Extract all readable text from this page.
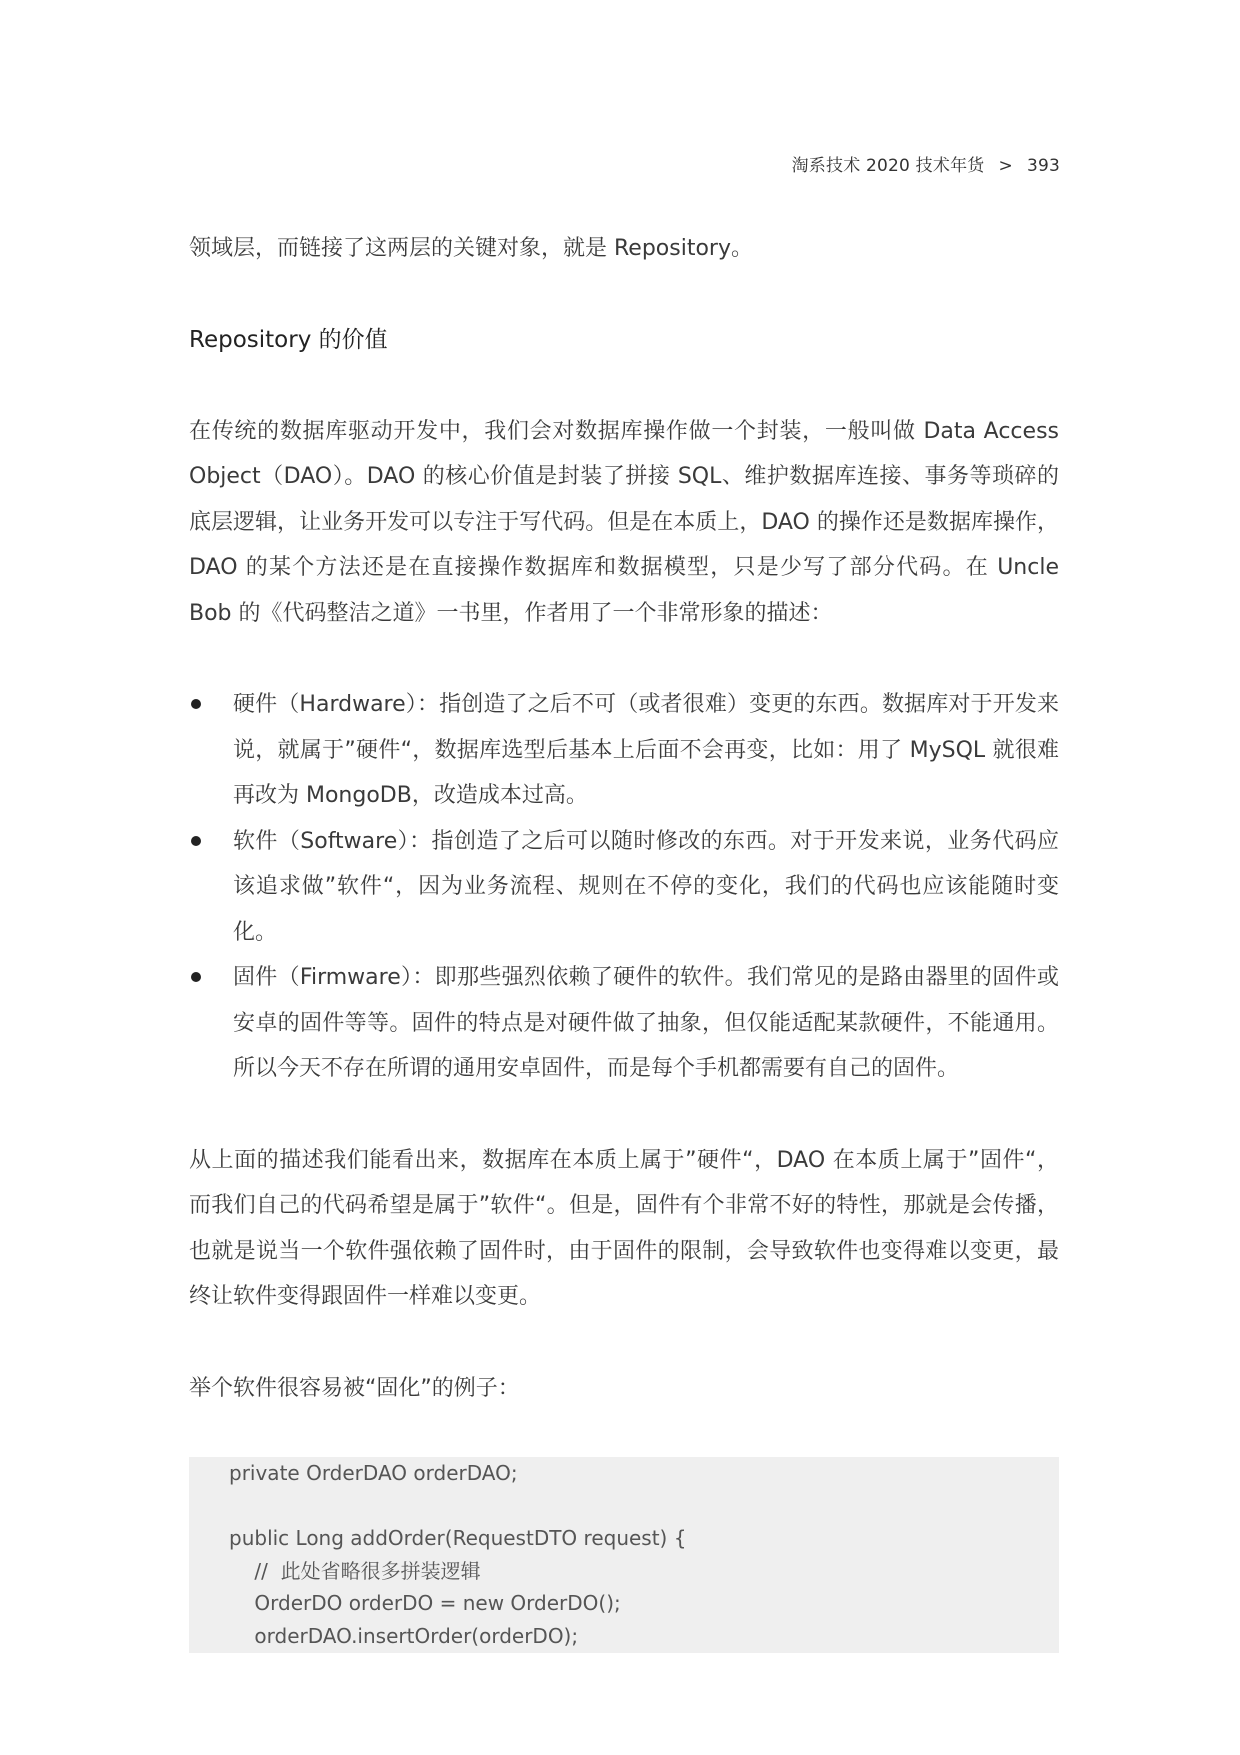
淘系技术 2020 技术年货 > 393

领域层，而链接了这两层的关键对象，就是 Repository。

Repository 的价值

在传统的数据库驱动开发中，我们会对数据库操作做一个封装，一般叫做 Data Access Object（DAO）。DAO 的核心价值是封装了拼接 SQL、维护数据库连接、事务等琐碎的底层逻辑，让业务开发可以专注于写代码。但是在本质上，DAO 的操作还是数据库操作，DAO 的某个方法还是在直接操作数据库和数据模型，只是少写了部分代码。在 Uncle Bob 的《代码整洁之道》一书里，作者用了一个非常形象的描述：

硬件（Hardware）：指创造了之后不可（或者很难）变更的东西。数据库对于开发来说，就属于”硬件“，数据库选型后基本上后面不会再变，比如：用了 MySQL 就很难再改为 MongoDB，改造成本过高。
软件（Software）：指创造了之后可以随时修改的东西。对于开发来说，业务代码应该追求做”软件“，因为业务流程、规则在不停的变化，我们的代码也应该能随时变化。
固件（Firmware）：即那些强烈依赖了硬件的软件。我们常见的是路由器里的固件或安卓的固件等等。固件的特点是对硬件做了抽象，但仅能适配某款硬件，不能通用。所以今天不存在所谓的通用安卓固件，而是每个手机都需要有自己的固件。

从上面的描述我们能看出来，数据库在本质上属于”硬件“，DAO 在本质上属于”固件“，而我们自己的代码希望是属于”软件“。但是，固件有个非常不好的特性，那就是会传播，也就是说当一个软件强依赖了固件时，由于固件的限制，会导致软件也变得难以变更，最终让软件变得跟固件一样难以变更。

举个软件很容易被“固化”的例子：

private OrderDAO orderDAO;
public Long addOrder(RequestDTO request) {
//  此处省略很多拼装逻辑
OrderDO orderDO = new OrderDO();
orderDAO.insertOrder(orderDO);
